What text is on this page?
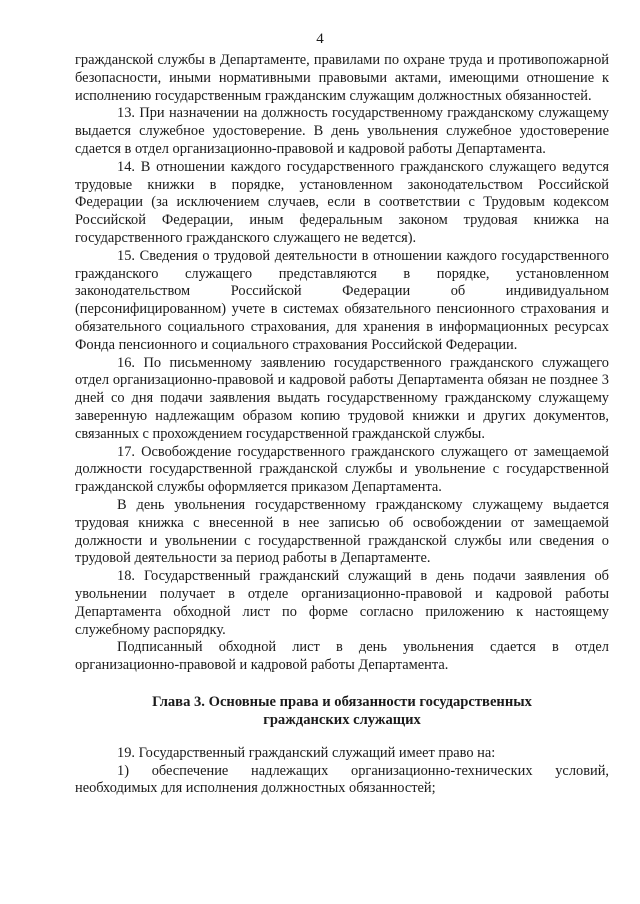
4

гражданской службы в Департаменте, правилами по охране труда и противопожарной безопасности, иными нормативными правовыми актами, имеющими отношение к исполнению государственным гражданским служащим должностных обязанностей.

13. При назначении на должность государственному гражданскому служащему выдается служебное удостоверение. В день увольнения служебное удостоверение сдается в отдел организационно-правовой и кадровой работы Департамента.

14. В отношении каждого государственного гражданского служащего ведутся трудовые книжки в порядке, установленном законодательством Российской Федерации (за исключением случаев, если в соответствии с Трудовым кодексом Российской Федерации, иным федеральным законом трудовая книжка на государственного гражданского служащего не ведется).

15. Сведения о трудовой деятельности в отношении каждого государственного гражданского служащего представляются в порядке, установленном законодательством Российской Федерации об индивидуальном (персонифицированном) учете в системах обязательного пенсионного страхования и обязательного социального страхования, для хранения в информационных ресурсах Фонда пенсионного и социального страхования Российской Федерации.

16. По письменному заявлению государственного гражданского служащего отдел организационно-правовой и кадровой работы Департамента обязан не позднее 3 дней со дня подачи заявления выдать государственному гражданскому служащему заверенную надлежащим образом копию трудовой книжки и других документов, связанных с прохождением государственной гражданской службы.

17. Освобождение государственного гражданского служащего от замещаемой должности государственной гражданской службы и увольнение с государственной гражданской службы оформляется приказом Департамента.

В день увольнения государственному гражданскому служащему выдается трудовая книжка с внесенной в нее записью об освобождении от замещаемой должности и увольнении с государственной гражданской службы или сведения о трудовой деятельности за период работы в Департаменте.

18. Государственный гражданский служащий в день подачи заявления об увольнении получает в отделе организационно-правовой и кадровой работы Департамента обходной лист по форме согласно приложению к настоящему служебному распорядку.

Подписанный обходной лист в день увольнения сдается в отдел организационно-правовой и кадровой работы Департамента.

Глава 3. Основные права и обязанности государственных
гражданских служащих

19. Государственный гражданский служащий имеет право на:

1) обеспечение надлежащих организационно-технических условий, необходимых для исполнения должностных обязанностей;
